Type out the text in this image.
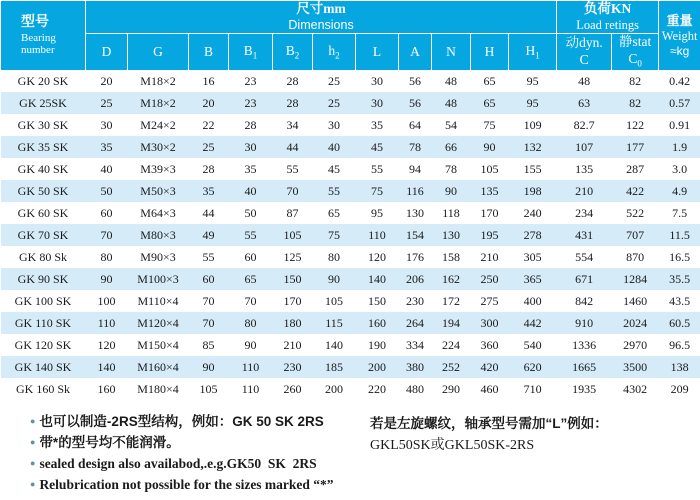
型号
Bearing
number

尺寸mm
Dimensions

负荷KN
Load retings	重量
Weight
≈kg

D	G	B	$B_1$	$B_2$	$h_2$	L	A	N	H	$H_1$	
动dyn.
C

静stat
$C_0$

GK 20 SK	20	M18×2	16	23	28	25	30	56	48	65	95	48	82	0.42
GK 25SK	25	M18×2	20	23	28	25	30	56	48	65	95	63	82	0.57
GK 30 SK	30	M24×2	22	28	34	30	35	64	54	75	109	82.7	122	0.91
GK 35 SK	35	M30×2	25	30	44	40	45	78	66	90	132	107	177	1.9
GK 40 SK	40	M39×3	28	35	55	45	55	94	78	105	155	135	287	3.0
GK 50 SK	50	M50×3	35	40	70	55	75	116	90	135	198	210	422	4.9
GK 60 SK	60	M64×3	44	50	87	65	95	130	118	170	240	234	522	7.5
GK 70 SK	70	M80×3	49	55	105	75	110	154	130	195	278	431	707	11.5
GK 80 Sk	80	M90×3	55	60	125	80	120	176	158	210	305	554	870	16.5
GK 90 SK	90	M100×3	60	65	150	90	140	206	162	250	365	671	1284	35.5
GK 100 SK	100	M110×4	70	70	170	105	150	230	172	275	400	842	1460	43.5
GK 110 SK	110	M120×4	70	80	180	115	160	264	194	300	442	910	2024	60.5
GK 120 SK	120	M150×4	85	90	210	140	190	334	224	360	540	1336	2970	96.5
GK 140 SK	140	M160×4	90	110	230	185	200	380	252	420	620	1665	3500	138
GK 160 Sk	160	M180×4	105	110	260	200	220	480	290	460	710	1935	4302	209
● 也可以制造-2RS型结构，例如：GK 50 SK 2RS
● 带*的型号均不能润滑。
● sealed design also availabod,.e.g.GK50  SK  2RS
● Relubrication not possible for the sizes marked “*”
若是左旋螺纹，轴承型号需加“L”例如：
GKL50SK或GKL50SK-2RS
